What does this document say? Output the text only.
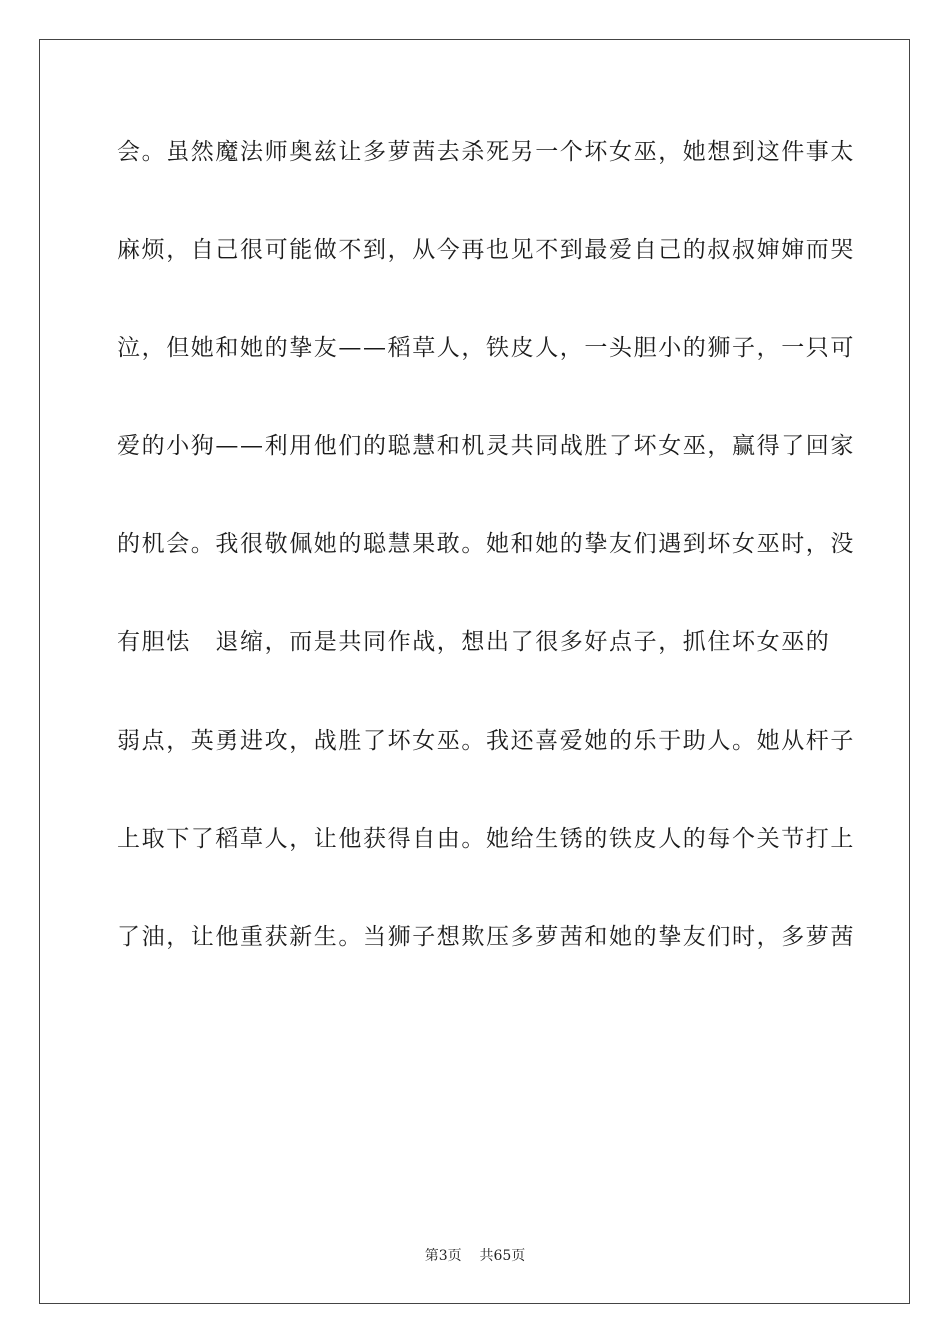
会。虽然魔法师奥兹让多萝茜去杀死另一个坏女巫，她想到这件事太
麻烦，自己很可能做不到，从今再也见不到最爱自己的叔叔婶婶而哭
泣，但她和她的挚友——稻草人，铁皮人，一头胆小的狮子，一只可
爱的小狗——利用他们的聪慧和机灵共同战胜了坏女巫，赢得了回家
的机会。我很敬佩她的聪慧果敢。她和她的挚友们遇到坏女巫时，没
有胆怯　退缩，而是共同作战，想出了很多好点子，抓住坏女巫的
弱点，英勇进攻，战胜了坏女巫。我还喜爱她的乐于助人。她从杆子
上取下了稻草人，让他获得自由。她给生锈的铁皮人的每个关节打上
了油，让他重获新生。当狮子想欺压多萝茜和她的挚友们时，多萝茜
第3页 共65页
